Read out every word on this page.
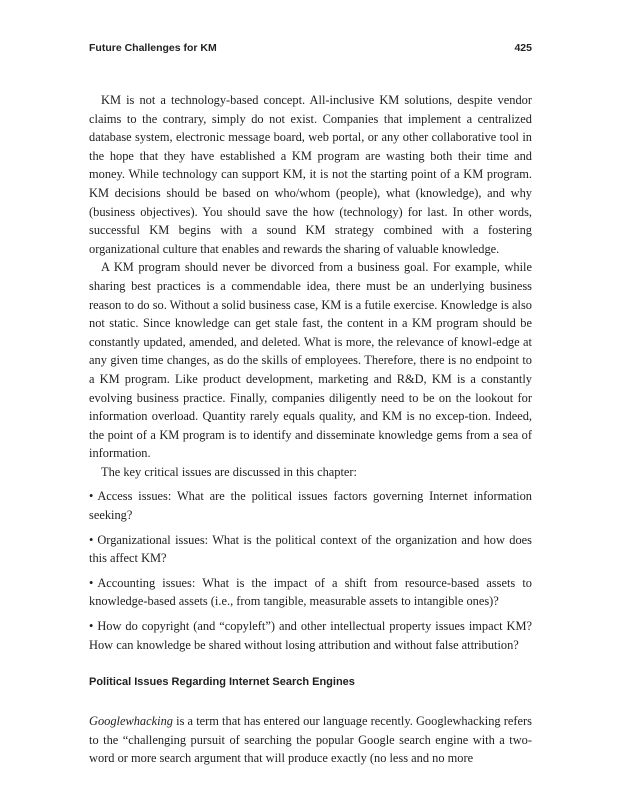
Future Challenges for KM	425

KM is not a technology-based concept. All-inclusive KM solutions, despite vendor claims to the contrary, simply do not exist. Companies that implement a centralized database system, electronic message board, web portal, or any other collaborative tool in the hope that they have established a KM program are wasting both their time and money. While technology can support KM, it is not the starting point of a KM program. KM decisions should be based on who/whom (people), what (knowledge), and why (business objectives). You should save the how (technology) for last. In other words, successful KM begins with a sound KM strategy combined with a fostering organizational culture that enables and rewards the sharing of valuable knowledge.

A KM program should never be divorced from a business goal. For example, while sharing best practices is a commendable idea, there must be an underlying business reason to do so. Without a solid business case, KM is a futile exercise. Knowledge is also not static. Since knowledge can get stale fast, the content in a KM program should be constantly updated, amended, and deleted. What is more, the relevance of knowl-edge at any given time changes, as do the skills of employees. Therefore, there is no endpoint to a KM program. Like product development, marketing and R&D, KM is a constantly evolving business practice. Finally, companies diligently need to be on the lookout for information overload. Quantity rarely equals quality, and KM is no excep-tion. Indeed, the point of a KM program is to identify and disseminate knowledge gems from a sea of information.

The key critical issues are discussed in this chapter:

• Access issues: What are the political issues factors governing Internet information seeking?
• Organizational issues: What is the political context of the organization and how does this affect KM?
• Accounting issues: What is the impact of a shift from resource-based assets to knowledge-based assets (i.e., from tangible, measurable assets to intangible ones)?
• How do copyright (and “copyleft”) and other intellectual property issues impact KM? How can knowledge be shared without losing attribution and without false attribution?
Political Issues Regarding Internet Search Engines

Googlewhacking is a term that has entered our language recently. Googlewhacking refers to the “challenging pursuit of searching the popular Google search engine with a two-word or more search argument that will produce exactly (no less and no more
